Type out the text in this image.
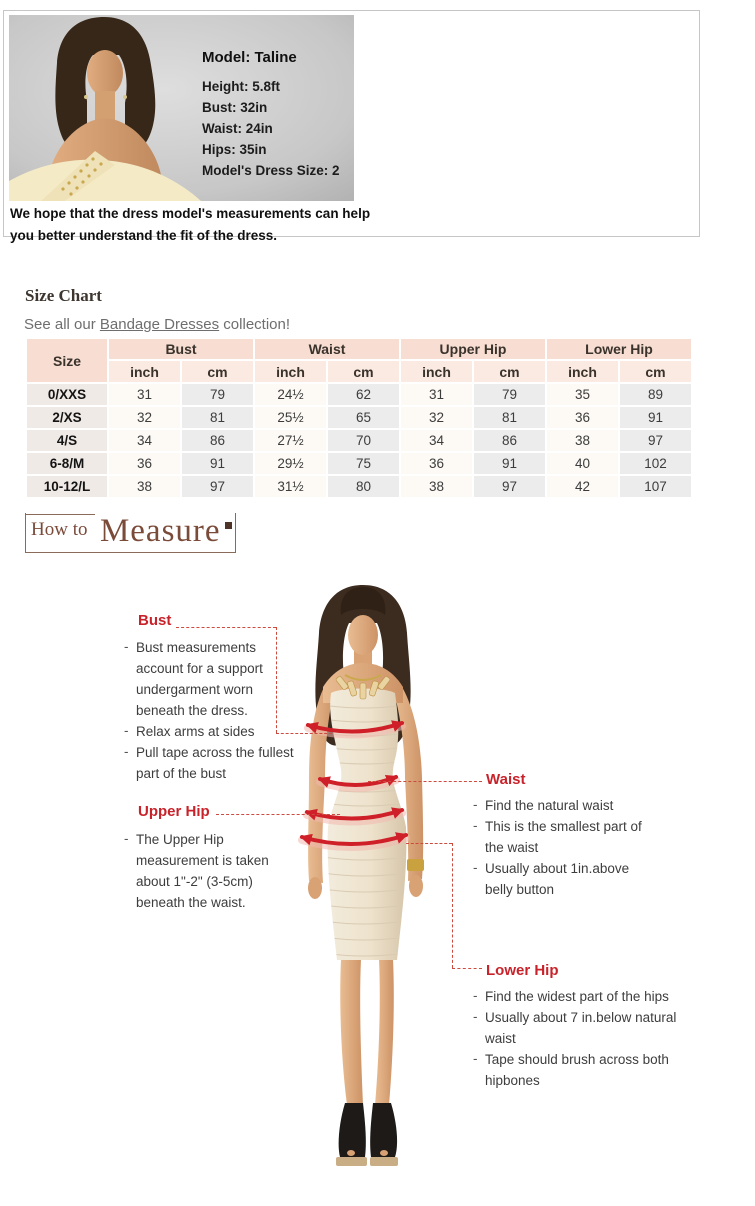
Model: Taline
Height: 5.8ft
Bust: 32in
Waist: 24in
Hips: 35in
Model's Dress Size: 2
We hope that the dress model's measurements can help
you better understand the fit of the dress.
Size Chart

See all our Bandage Dresses collection!

Size	Bust		Waist		Upper Hip		Lower Hip	
	inch	cm	inch	cm	inch	cm	inch	cm
0/XXS	31	79	24½	62	31	79	35	89
2/XS	32	81	25½	65	32	81	36	91
4/S	34	86	27½	70	34	86	38	97
6-8/M	36	91	29½	75	36	91	40	102
10-12/L	38	97	31½	80	38	97	42	107
How to Measure
Bust
- Bust measurements account for a support undergarment worn beneath the dress.
- Relax arms at sides
- Pull tape across the fullest part of the bust
Upper Hip
- The Upper Hip measurement is taken about 1"-2" (3-5cm) beneath the waist.
Waist
- Find the natural waist
- This is the smallest part of the waist
- Usually about 1in.above belly button
Lower Hip
- Find the widest part of the hips
- Usually about 7 in.below natural waist
- Tape should brush across both hipbones
